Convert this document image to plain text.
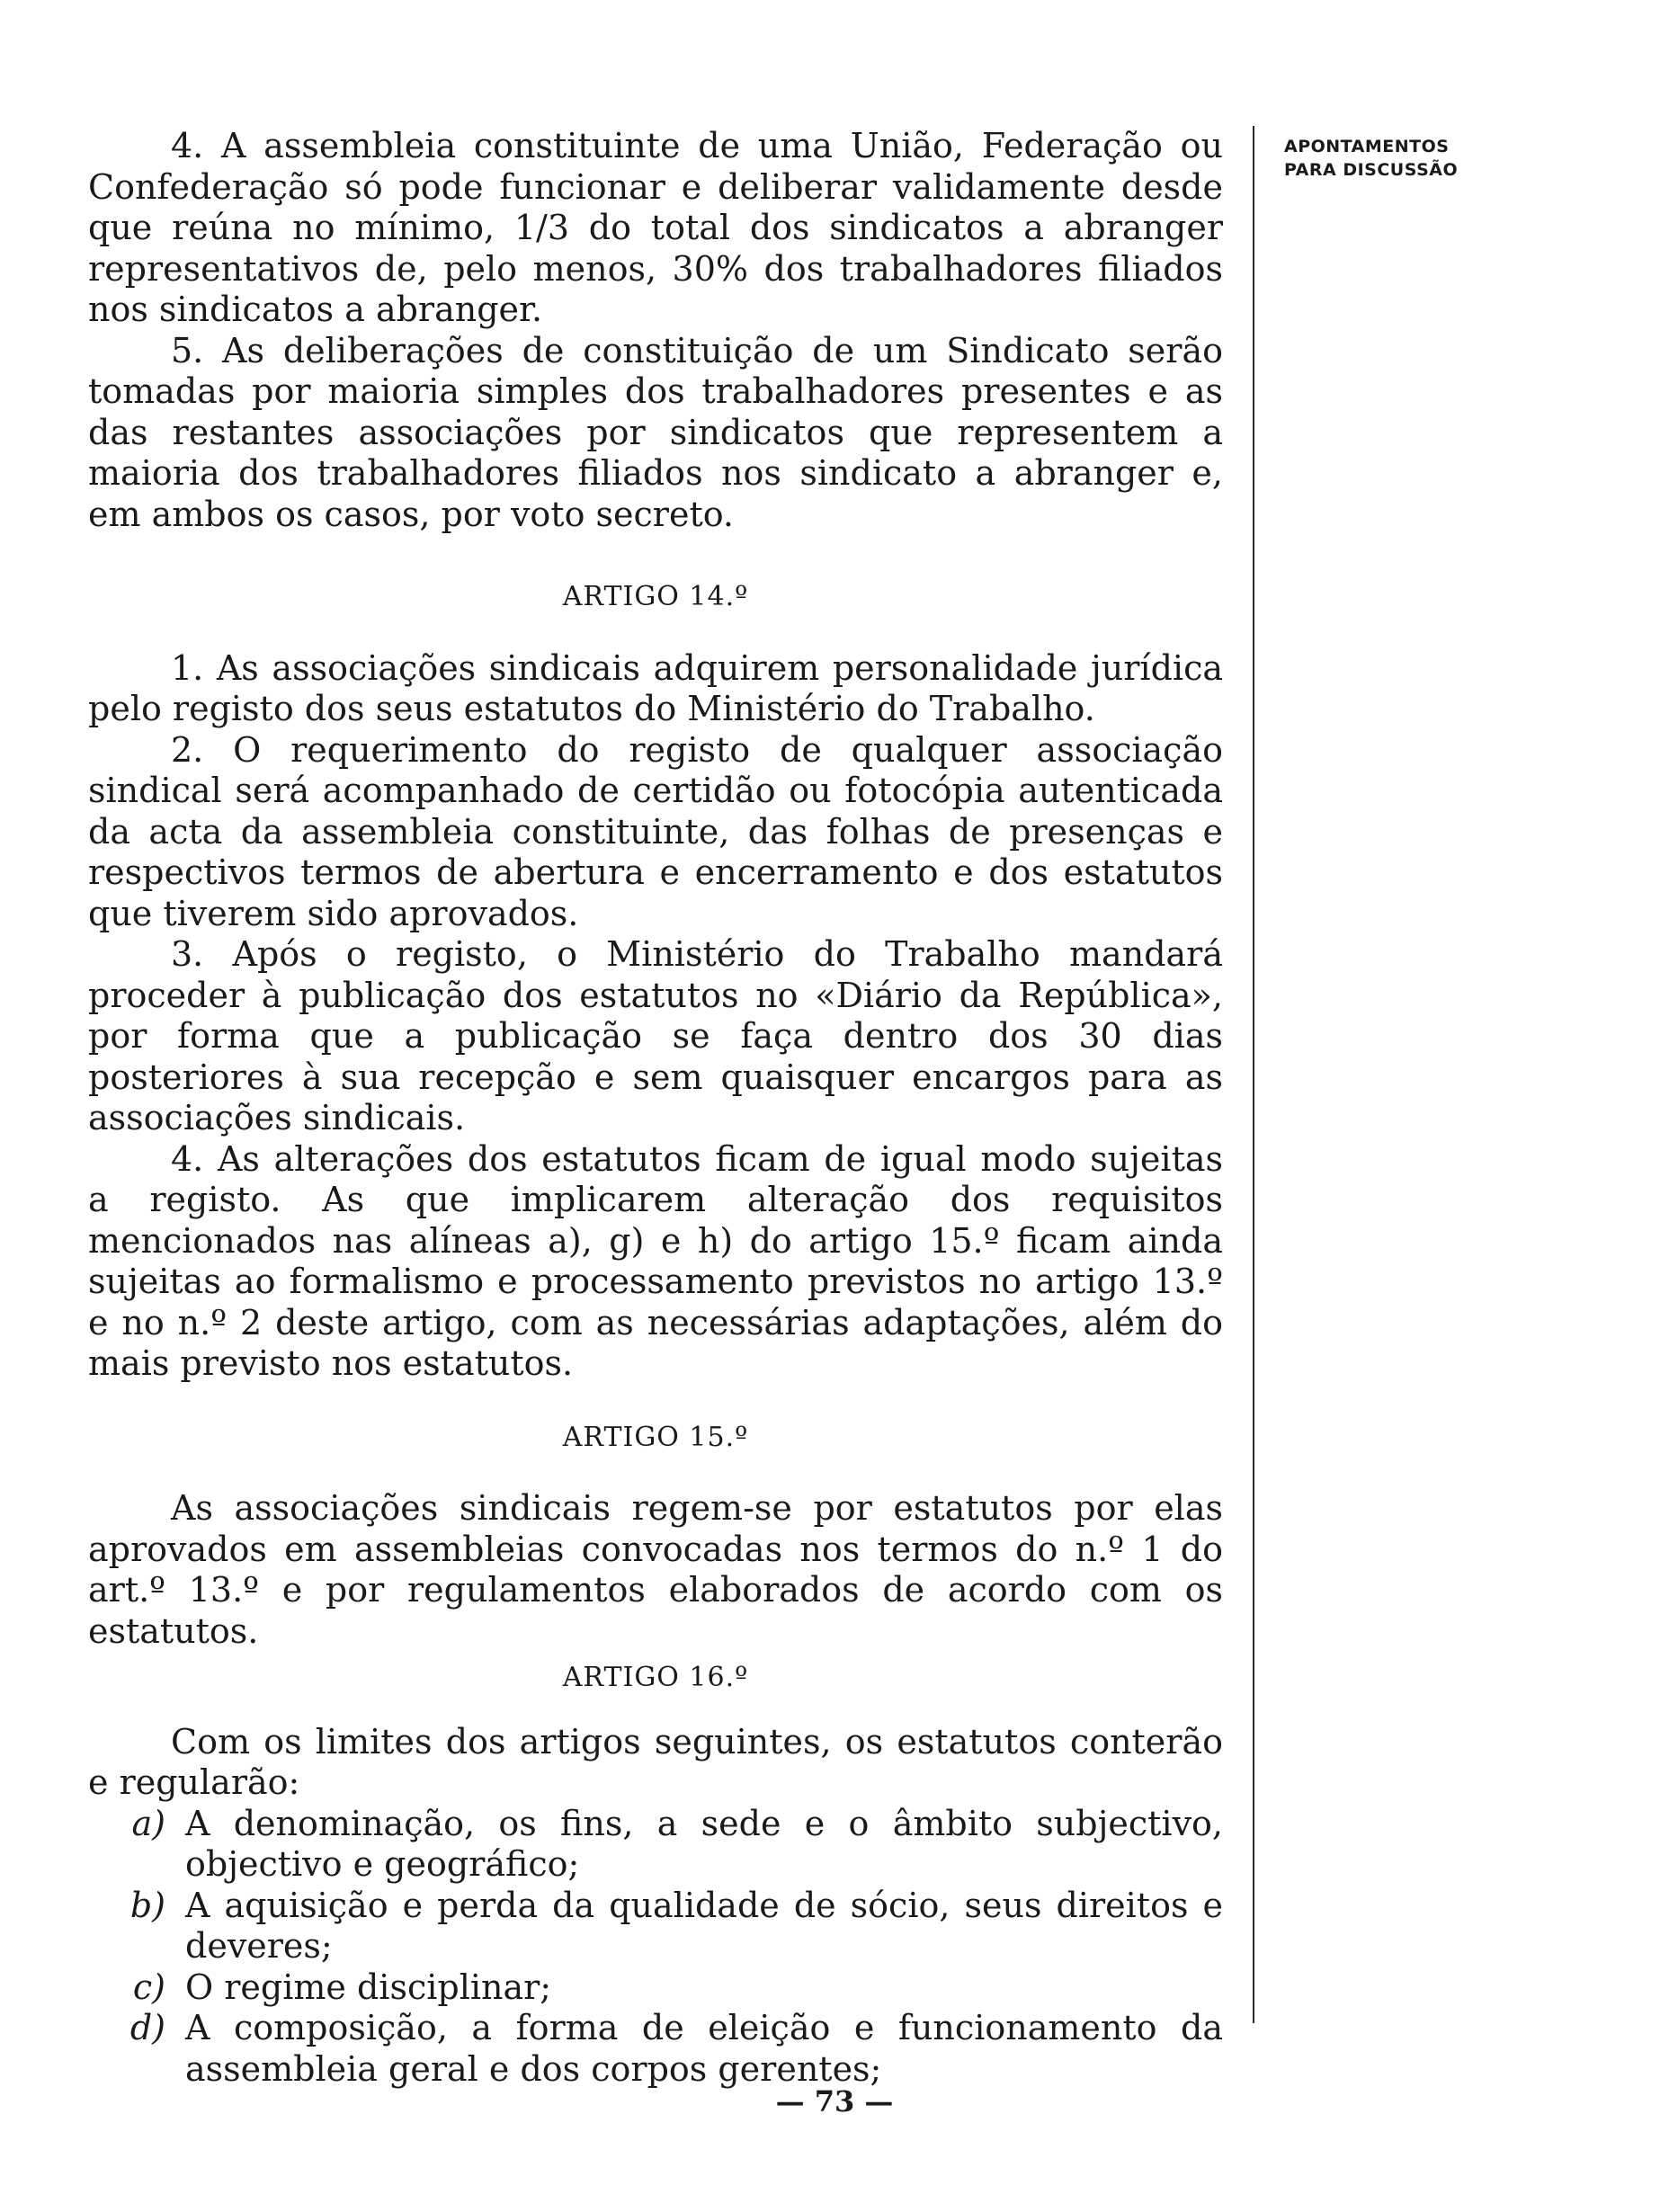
4. A assembleia constituinte de uma União, Federação ou Confederação só pode funcionar e deliberar validamente desde que reúna no mínimo, 1/3 do total dos sindicatos a abranger representativos de, pelo menos, 30% dos trabalhadores filiados nos sindicatos a abranger.

5. As deliberações de constituição de um Sindicato serão tomadas por maioria simples dos trabalhadores presentes e as das restantes associações por sindicatos que representem a maioria dos trabalhadores filiados nos sindicato a abranger e, em ambos os casos, por voto secreto.

ARTIGO 14.º

1. As associações sindicais adquirem personalidade jurídica pelo registo dos seus estatutos do Ministério do Trabalho.

2. O requerimento do registo de qualquer associação sindical será acompanhado de certidão ou fotocópia autenticada da acta da assembleia constituinte, das folhas de presenças e respectivos termos de abertura e encerramento e dos estatutos que tiverem sido aprovados.

3. Após o registo, o Ministério do Trabalho mandará proceder à publicação dos estatutos no «Diário da República», por forma que a publicação se faça dentro dos 30 dias posteriores à sua recepção e sem quaisquer encargos para as associações sindicais.

4. As alterações dos estatutos ficam de igual modo sujeitas a registo. As que implicarem alteração dos requisitos mencionados nas alíneas a), g) e h) do artigo 15.º ficam ainda sujeitas ao formalismo e processamento previstos no artigo 13.º e no n.º 2 deste artigo, com as necessárias adaptações, além do mais previsto nos estatutos.

ARTIGO 15.º

As associações sindicais regem-se por estatutos por elas aprovados em assembleias convocadas nos termos do n.º 1 do art.º 13.º e por regulamentos elaborados de acordo com os estatutos.

ARTIGO 16.º

Com os limites dos artigos seguintes, os estatutos conterão e regularão:

a) A denominação, os fins, a sede e o âmbito subjectivo, objectivo e geográfico;
b) A aquisição e perda da qualidade de sócio, seus direitos e deveres;
c) O regime disciplinar;
d) A composição, a forma de eleição e funcionamento da assembleia geral e dos corpos gerentes;
APONTAMENTOS
PARA DISCUSSÃO
— 73 —
